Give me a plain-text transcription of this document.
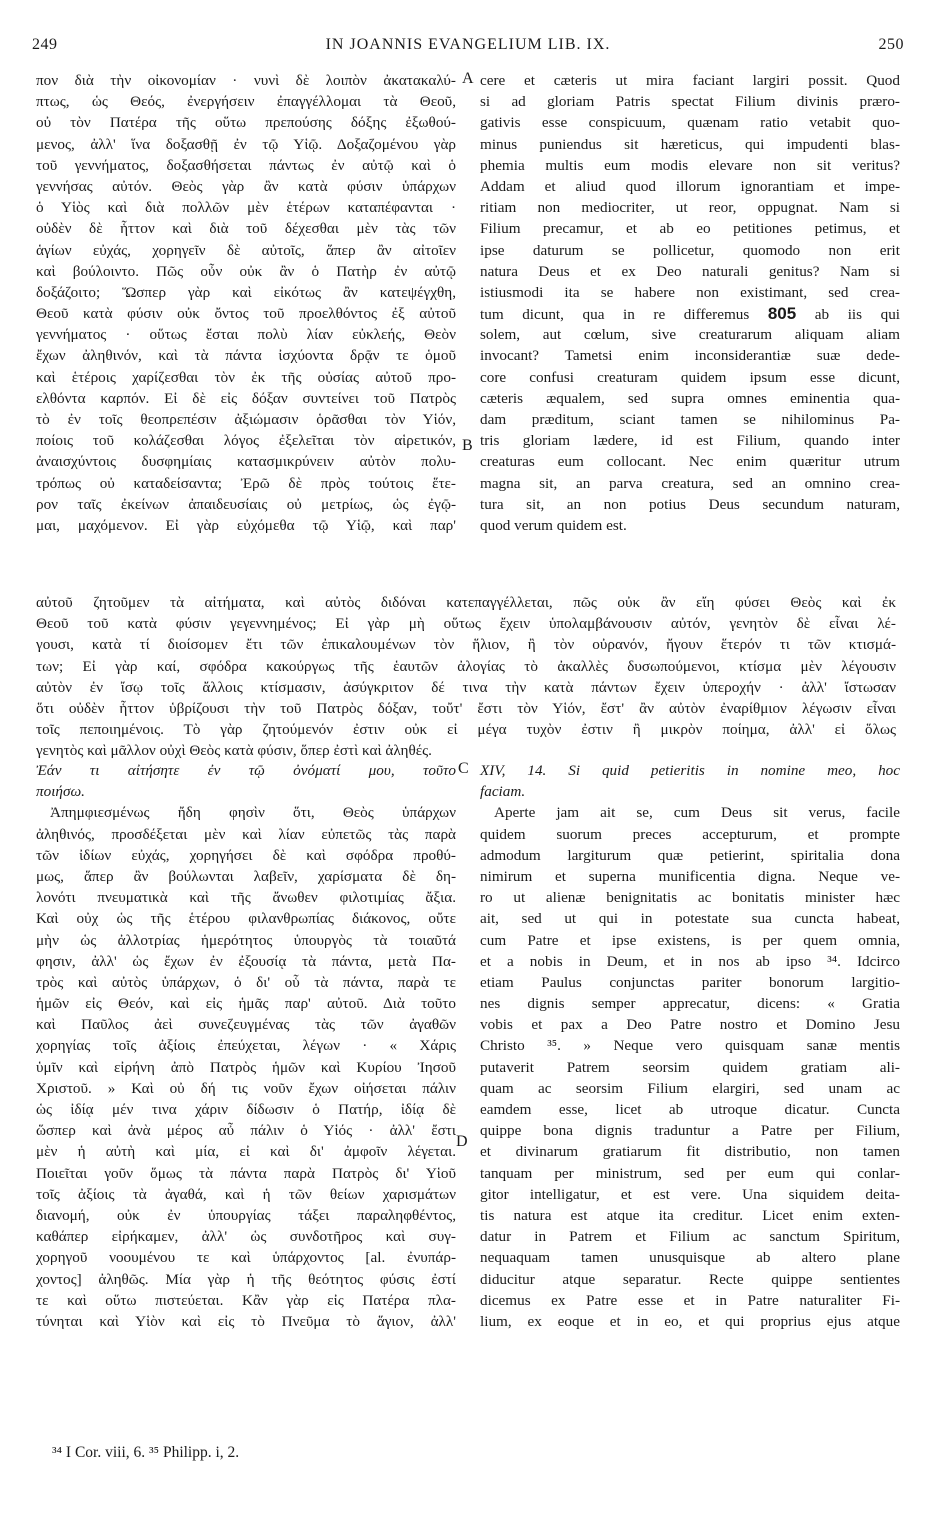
249	IN JOANNIS EVANGELIUM LIB. IX.	250
A
B
C
D
πον διὰ τὴν οἰκονομίαν · νυνὶ δὲ λοιπὸν ἀκατακαλύ-
πτως, ὡς Θεός, ἐνεργήσειν ἐπαγγέλλομαι τὰ Θεοῦ,
οὐ τὸν Πατέρα τῆς οὕτω πρεπούσης δόξης ἐξωθού-
μενος, ἀλλ' ἵνα δοξασθῇ ἐν τῷ Υἱῷ. Δοξαζομένου γὰρ
τοῦ γεννήματος, δοξασθήσεται πάντως ἐν αὐτῷ καὶ ὁ
γεννήσας αὐτόν. Θεὸς γὰρ ἂν κατὰ φύσιν ὑπάρχων
ὁ Υἱὸς καὶ διὰ πολλῶν μὲν ἑτέρων καταπέφανται ·
οὐδὲν δὲ ἧττον καὶ διὰ τοῦ δέχεσθαι μὲν τὰς τῶν
ἁγίων εὐχάς, χορηγεῖν δὲ αὐτοῖς, ἅπερ ἂν αἰτοῖεν
καὶ βούλοιντο. Πῶς οὖν οὐκ ἂν ὁ Πατὴρ ἐν αὐτῷ
δοξάζοιτο; Ὥσπερ γὰρ καὶ εἰκότως ἂν κατεψέγχθη,
Θεοῦ κατὰ φύσιν οὐκ ὄντος τοῦ προελθόντος ἐξ αὐτοῦ
γεννήματος · οὕτως ἔσται πολὺ λίαν εὐκλεής, Θεὸν
ἔχων ἀληθινόν, καὶ τὰ πάντα ἰσχύοντα δρᾷν τε ὁμοῦ
καὶ ἑτέροις χαρίζεσθαι τὸν ἐκ τῆς οὐσίας αὐτοῦ προ-
ελθόντα καρπόν. Εἰ δὲ εἰς δόξαν συντείνει τοῦ Πατρὸς
τὸ ἐν τοῖς θεοπρεπέσιν ἀξιώμασιν ὁρᾶσθαι τὸν Υἱόν,
ποίοις τοῦ κολάζεσθαι λόγος ἐξελεῖται τὸν αἱρετικόν,
ἀναισχύντοις δυσφημίαις κατασμικρύνειν αὐτὸν πολυ-
τρόπως οὐ καταδείσαντα; Ἐρῶ δὲ πρὸς τούτοις ἕτε-
ρον ταῖς ἐκείνων ἀπαιδευσίαις οὐ μετρίως, ὡς ἐγῷ-
μαι, μαχόμενον. Εἰ γὰρ εὐχόμεθα τῷ Υἱῷ, καὶ παρ'
cere et cæteris ut mira faciant largiri possit. Quod
si ad gloriam Patris spectat Filium divinis præro-
gativis esse conspicuum, quænam ratio vetabit quo-
minus puniendus sit hæreticus, qui impudenti blas-
phemia multis eum modis elevare non sit veritus?
Addam et aliud quod illorum ignorantiam et impe-
ritiam non mediocriter, ut reor, oppugnat. Nam si
Filium precamur, et ab eo petitiones petimus, et
ipse daturum se pollicetur, quomodo non erit
natura Deus et ex Deo naturali genitus? Nam si
istiusmodi ita se habere non existimant, sed crea-
tum dicunt, qua in re differemus 805 ab iis qui
solem, aut cœlum, sive creaturarum aliquam aliam
invocant? Tametsi enim inconsiderantiæ suæ dede-
core confusi creaturam quidem ipsum esse dicunt,
cæteris æqualem, sed supra omnes eminentia qua-
dam præditum, sciant tamen se nihilominus Pa-
tris gloriam lædere, id est Filium, quando inter
creaturas eum collocant. Nec enim quæritur utrum
magna sit, an parva creatura, sed an omnino crea-
tura sit, an non potius Deus secundum naturam,
quod verum quidem est.
αὐτοῦ ζητοῦμεν τὰ αἰτήματα, καὶ αὐτὸς διδόναι κατεπαγγέλλεται, πῶς οὐκ ἂν εἴη φύσει Θεὸς καὶ ἐκ
Θεοῦ τοῦ κατὰ φύσιν γεγεννημένος; Εἰ γὰρ μὴ οὕτως ἔχειν ὑπολαμβάνουσιν αὐτόν, γενητὸν δὲ εἶναι λέ-
γουσι, κατὰ τί διοίσομεν ἔτι τῶν ἐπικαλουμένων τὸν ἥλιον, ἢ τὸν οὐρανόν, ἤγουν ἕτερόν τι τῶν κτισμά-
των; Εἰ γὰρ καί, σφόδρα κακούργως τῆς ἑαυτῶν ἀλογίας τὸ ἀκαλλὲς δυσωπούμενοι, κτίσμα μὲν λέγουσιν
αὐτὸν ἐν ἴσῳ τοῖς ἄλλοις κτίσμασιν, ἀσύγκριτον δέ τινα τὴν κατὰ πάντων ἔχειν ὑπεροχήν · ἀλλ' ἴστωσαν
ὅτι οὐδὲν ἧττον ὑβρίζουσι τὴν τοῦ Πατρὸς δόξαν, τοὔτ' ἔστι τὸν Υἱόν, ἔστ' ἂν αὐτὸν ἐναρίθμιον λέγωσιν εἶναι
τοῖς πεποιημένοις. Τὸ γὰρ ζητούμενόν ἐστιν οὐκ εἰ μέγα τυχὸν ἐστιν ἢ μικρὸν ποίημα, ἀλλ' εἰ ὅλως
γενητὸς καὶ μᾶλλον οὐχὶ Θεὸς κατὰ φύσιν, ὅπερ ἐστὶ καὶ ἀληθές.
Ἐάν τι αἰτήσητε ἐν τῷ ὀνόματί μου, τοῦτο
ποιήσω.
Ἀπημφιεσμένως ἤδη φησὶν ὅτι, Θεὸς ὑπάρχων
ἀληθινός, προσδέξεται μὲν καὶ λίαν εὐπετῶς τὰς παρὰ
τῶν ἰδίων εὐχάς, χορηγήσει δὲ καὶ σφόδρα προθύ-
μως, ἅπερ ἂν βούλωνται λαβεῖν, χαρίσματα δὲ δη-
λονότι πνευματικὰ καὶ τῆς ἄνωθεν φιλοτιμίας ἄξια.
Καὶ οὐχ ὡς τῆς ἑτέρου φιλανθρωπίας διάκονος, οὔτε
μὴν ὡς ἀλλοτρίας ἡμερότητος ὑπουργὸς τὰ τοιαῦτά
φησιν, ἀλλ' ὡς ἔχων ἐν ἐξουσίᾳ τὰ πάντα, μετὰ Πα-
τρὸς καὶ αὐτὸς ὑπάρχων, ὁ δι' οὗ τὰ πάντα, παρὰ τε
ἡμῶν εἰς Θεόν, καὶ εἰς ἡμᾶς παρ' αὐτοῦ. Διὰ τοῦτο
καὶ Παῦλος ἀεὶ συνεζευγμένας τὰς τῶν ἀγαθῶν
χορηγίας τοῖς ἀξίοις ἐπεύχεται, λέγων · « Χάρις
ὑμῖν καὶ εἰρήνη ἀπὸ Πατρὸς ἡμῶν καὶ Κυρίου Ἰησοῦ
Χριστοῦ. » Καὶ οὐ δή τις νοῦν ἔχων οἰήσεται πάλιν
ὡς ἰδίᾳ μέν τινα χάριν δίδωσιν ὁ Πατήρ, ἰδίᾳ δὲ
ὥσπερ καὶ ἀνὰ μέρος αὖ πάλιν ὁ Υἱός · ἀλλ' ἔστι
μὲν ἡ αὐτὴ καὶ μία, εἰ καὶ δι' ἀμφοῖν λέγεται.
Ποιεῖται γοῦν ὅμως τὰ πάντα παρὰ Πατρὸς δι' Υἱοῦ
τοῖς ἀξίοις τὰ ἀγαθά, καὶ ἡ τῶν θείων χαρισμάτων
διανομή, οὐκ ἐν ὑπουργίας τάξει παραληφθέντος,
καθάπερ εἰρήκαμεν, ἀλλ' ὡς συνδοτῆρος καὶ συγ-
χορηγοῦ νοουμένου τε καὶ ὑπάρχοντος [al. ἐνυπάρ-
χοντος] ἀληθῶς. Μία γὰρ ἡ τῆς θεότητος φύσις ἐστί
τε καὶ οὕτω πιστεύεται. Κἂν γὰρ εἰς Πατέρα πλα-
τύνηται καὶ Υἱὸν καὶ εἰς τὸ Πνεῦμα τὸ ἅγιον, ἀλλ'
XIV, 14. Si quid petieritis in nomine meo, hoc
faciam.
Aperte jam ait se, cum Deus sit verus, facile
quidem suorum preces accepturum, et prompte
admodum largiturum quæ petierint, spiritalia dona
nimirum et superna munificentia digna. Neque ve-
ro ut alienæ benignitatis ac bonitatis minister hæc
ait, sed ut qui in potestate sua cuncta habeat,
cum Patre et ipse existens, is per quem omnia,
et a nobis in Deum, et in nos ab ipso ³⁴. Idcirco
etiam Paulus conjunctas pariter bonorum largitio-
nes dignis semper apprecatur, dicens: « Gratia
vobis et pax a Deo Patre nostro et Domino Jesu
Christo ³⁵. » Neque vero quisquam sanæ mentis
putaverit Patrem seorsim quidem gratiam ali-
quam ac seorsim Filium elargiri, sed unam ac
eamdem esse, licet ab utroque dicatur. Cuncta
quippe bona dignis traduntur a Patre per Filium,
et divinarum gratiarum fit distributio, non tamen
tanquam per ministrum, sed per eum qui conlar-
gitor intelligatur, et est vere. Una siquidem deita-
tis natura est atque ita creditur. Licet enim exten-
datur in Patrem et Filium ac sanctum Spiritum,
nequaquam tamen unusquisque ab altero plane
diducitur atque separatur. Recte quippe sentientes
dicemus ex Patre esse et in Patre naturaliter Fi-
lium, ex eoque et in eo, et qui proprius ejus atque
³⁴ I Cor. viii, 6. ³⁵ Philipp. i, 2.
